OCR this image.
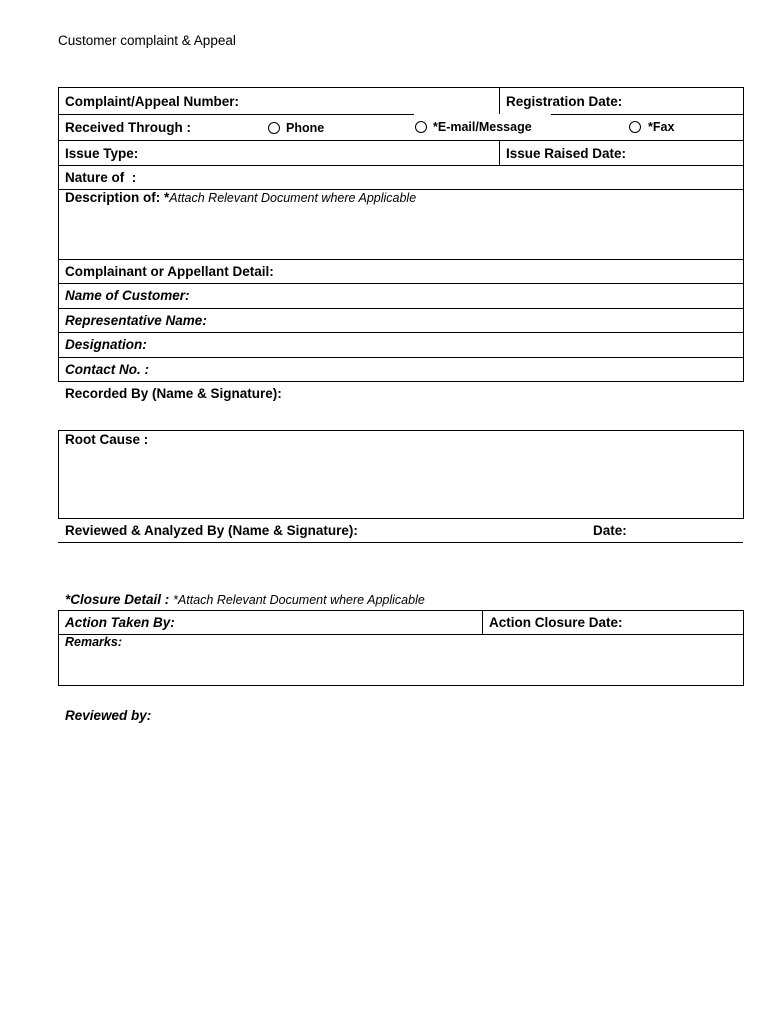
Customer complaint & Appeal
Complaint/Appeal Number:	Registration Date:
Received Through :	Phone	*E-mail/Message	*Fax
Issue Type:	Issue Raised Date:
Nature of  :
Description of: *Attach Relevant Document where Applicable
Complainant or Appellant Detail:
Name of Customer:
Representative Name:
Designation:
Contact No. :
Recorded By (Name & Signature):
Root Cause :
Reviewed & Analyzed By (Name & Signature):	Date:
*Closure Detail : *Attach Relevant Document where Applicable
Action Taken By:	Action Closure Date:
Remarks:
Reviewed by:
